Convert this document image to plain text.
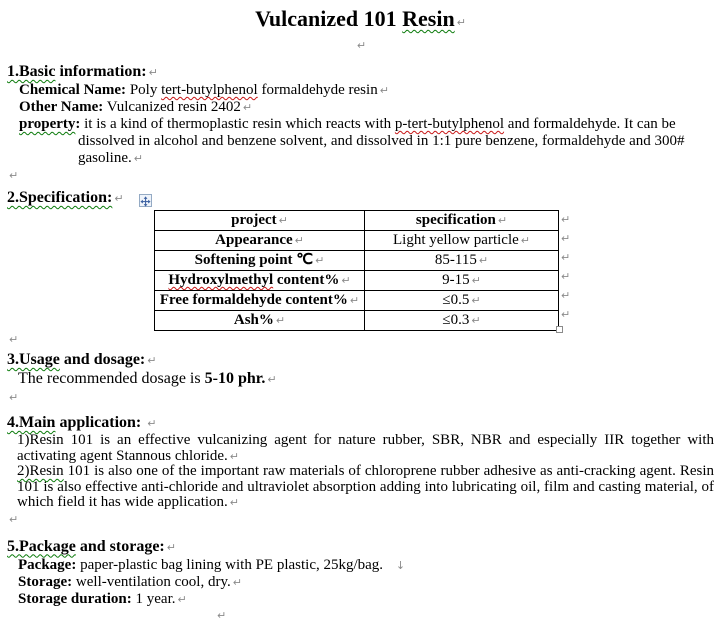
Vulcanized 101 Resin ↵
↵
1.Basic information: ↵
Chemical Name: Poly tert-butylphenol formaldehyde resin ↵
Other Name: Vulcanized resin 2402 ↵
property: it is a kind of thermoplastic resin which reacts with p-tert-butylphenol and formaldehyde. It can be dissolved in alcohol and benzene solvent, and dissolved in 1:1 pure benzene, formaldehyde and 300# gasoline. ↵
↵
2.Specification: ↵
project ↵	specification ↵
Appearance ↵	Light yellow particle ↵
Softening point ℃ ↵	85-115 ↵
Hydroxylmethyl content% ↵	9-15 ↵
Free formaldehyde content% ↵	≤0.5 ↵
Ash% ↵	≤0.3 ↵
↵
↵
↵
↵
↵
↵
↵
3.Usage and dosage: ↵
The recommended dosage is 5-10 phr. ↵
↵
4.Main application: ↵
1)Resin 101 is an effective vulcanizing agent for nature rubber, SBR, NBR and especially IIR together with activating agent Stannous chloride. ↵
2)Resin 101 is also one of the important raw materials of chloroprene rubber adhesive as anti-cracking agent. Resin 101 is also effective anti-chloride and ultraviolet absorption adding into lubricating oil, film and casting material, of which field it has wide application. ↵
↵
5.Package and storage: ↵
Package: paper-plastic bag lining with PE plastic, 25kg/bag. ↓
Storage: well-ventilation cool, dry. ↵
Storage duration: 1 year. ↵
↵
